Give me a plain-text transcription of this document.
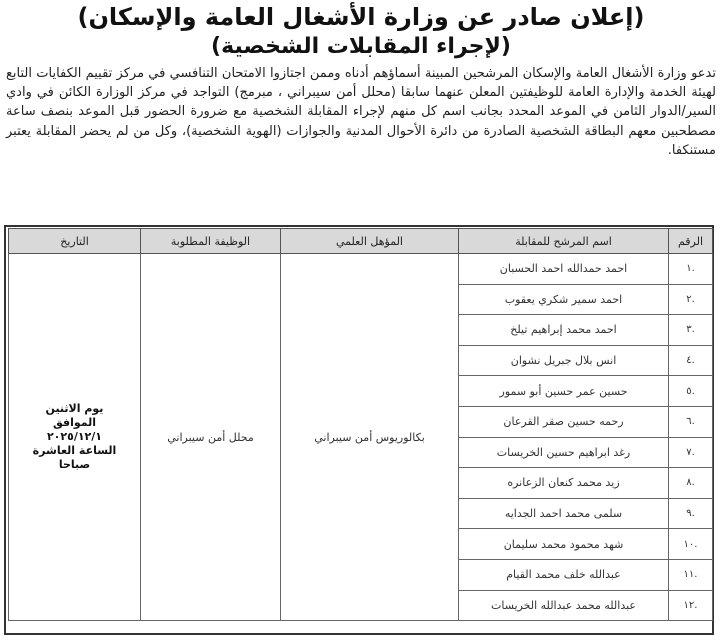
(إعلان صادر عن وزارة الأشغال العامة والإسكان)
(لإجراء المقابلات الشخصية)
تدعو وزارة الأشغال العامة والإسكان المرشحين المبينة أسماؤهم أدناه وممن اجتازوا الامتحان التنافسي في مركز تقييم الكفايات التابع لهيئة الخدمة والإدارة العامة للوظيفتين المعلن عنهما سابقا (محلل أمن سيبراني ، مبرمج) التواجد في مركز الوزارة الكائن في وادي السير/الدوار الثامن في الموعد المحدد بجانب اسم كل منهم لإجراء المقابلة الشخصية مع ضرورة الحضور قبل الموعد بنصف ساعة مصطحبين معهم البطاقة الشخصية الصادرة من دائرة الأحوال المدنية والجوازات (الهوية الشخصية)، وكل من لم يحضر المقابلة يعتبر مستنكفا.
الرقم	اسم المرشح للمقابلة	المؤهل العلمي	الوظيفة المطلوبة	التاريخ
.١	احمد حمدالله احمد الحسبان	بكالوريوس أمن سيبراني	محلل أمن سيبراني	يوم الاثنين
الموافق
٢٠٢٥/١٢/١
الساعة العاشرة
صباحا

.٢	احمد سمير شكري يعقوب			
.٣	احمد محمد إبراهيم تيلخ			
.٤	انس بلال جبريل نشوان			
.٥	حسين عمر حسين أبو سمور			
.٦	رحمه حسين صقر القرعان			
.٧	رغد ابراهيم حسين الخريسات			
.٨	زيد محمد كنعان الزعانره			
.٩	سلمى محمد احمد الجدايه			
.١٠	شهد محمود محمد سليمان			
.١١	عبدالله خلف محمد القيام			
.١٢	عبدالله محمد عبدالله الخريسات			
